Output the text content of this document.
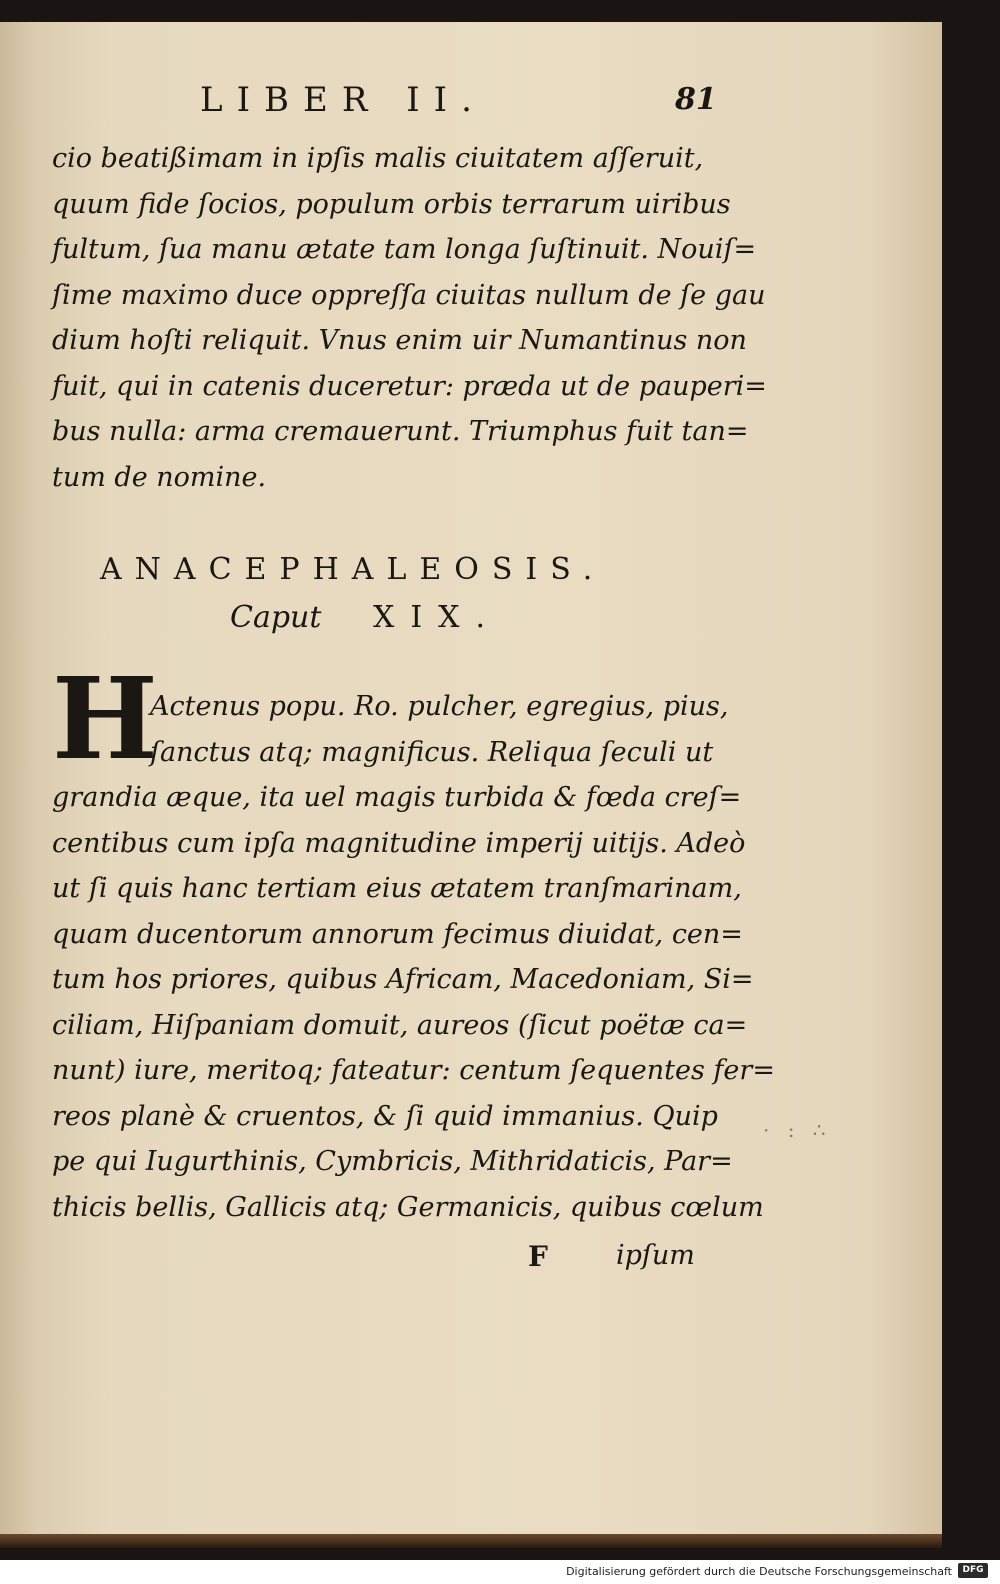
LIBER II.	81
cio beatißimam in ipſis malis ciuitatem aſſeruit,
quum fide ſocios, populum orbis terrarum uiribus
fultum, ſua manu ætate tam longa ſuſtinuit. Nouiſ=
ſime maximo duce oppreſſa ciuitas nullum de ſe gau
dium hoſti reliquit. Vnus enim uir Numantinus non
fuit, qui in catenis duceretur: præda ut de pauperi=
bus nulla: arma cremauerunt. Triumphus fuit tan=
tum de nomine.
ANACEPHALEOSIS.
Caput XIX.
H
Actenus popu. Ro. pulcher, egregius, pius,
ſanctus atq; magnificus. Reliqua ſeculi ut
grandia æque, ita uel magis turbida & fœda creſ=
centibus cum ipſa magnitudine imperij uitijs. Adeò
ut ſi quis hanc tertiam eius ætatem tranſmarinam,
quam ducentorum annorum fecimus diuidat, cen=
tum hos priores, quibus Africam, Macedoniam, Si=
ciliam, Hiſpaniam domuit, aureos (ſicut poëtæ ca=
nunt) iure, meritoq; fateatur: centum ſequentes fer=
reos planè & cruentos, & ſi quid immanius. Quip
pe qui Iugurthinis, Cymbricis, Mithridaticis, Par=
thicis bellis, Gallicis atq; Germanicis, quibus cœlum
· : ∴
F	ipſum
Digitalisierung gefördert durch die Deutsche Forschungsgemeinschaft	DFG
